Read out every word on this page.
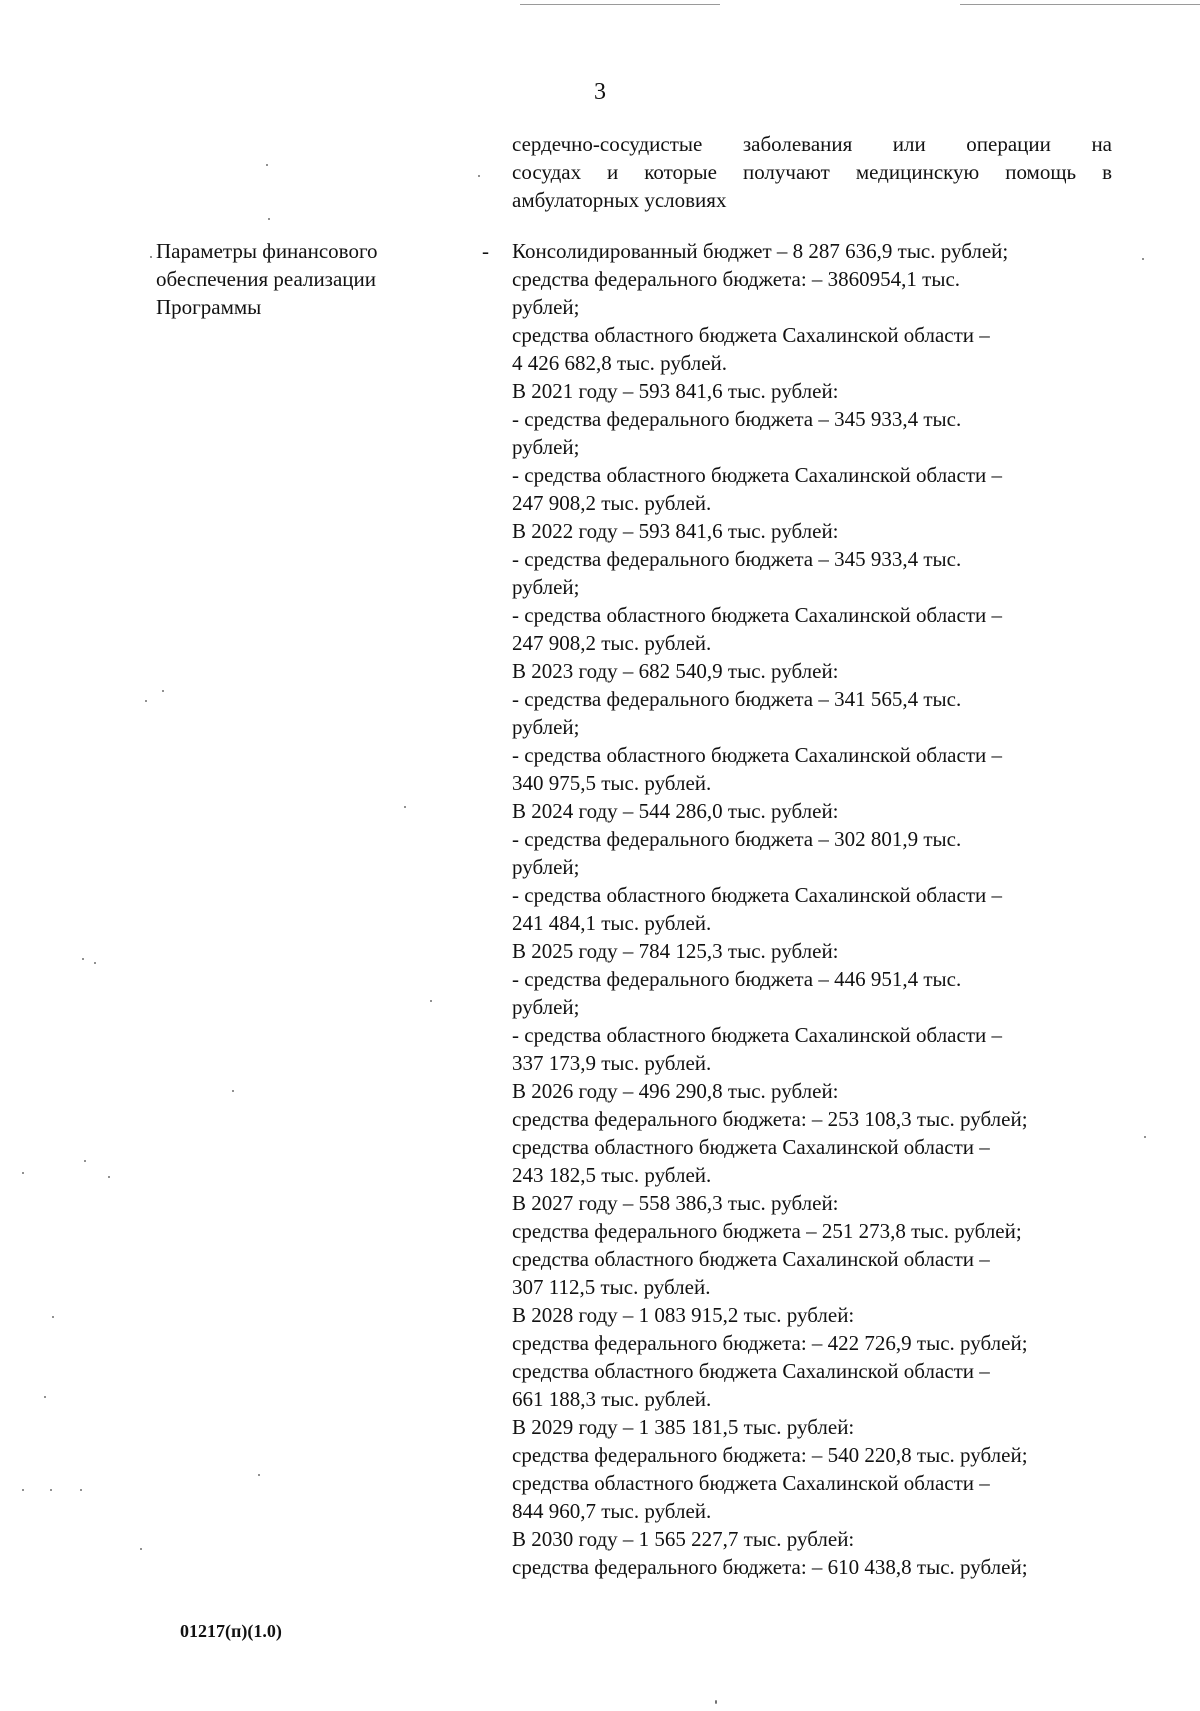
3
сердечно-сосудистые заболевания или операции на
сосудах и которые получают медицинскую помощь в
амбулаторных условиях
Параметры финансового
обеспечения реализации
Программы
- Консолидированный бюджет – 8 287 636,9 тыс. рублей;
средства федерального бюджета: – 3860954,1 тыс.
рублей;
средства областного бюджета Сахалинской области –
4 426 682,8 тыс. рублей.
В 2021 году – 593 841,6 тыс. рублей:
- средства федерального бюджета – 345 933,4 тыс.
рублей;
- средства областного бюджета Сахалинской области –
247 908,2 тыс. рублей.
В 2022 году – 593 841,6 тыс. рублей:
- средства федерального бюджета – 345 933,4 тыс.
рублей;
- средства областного бюджета Сахалинской области –
247 908,2 тыс. рублей.
В 2023 году – 682 540,9 тыс. рублей:
- средства федерального бюджета – 341 565,4 тыс.
рублей;
- средства областного бюджета Сахалинской области –
340 975,5 тыс. рублей.
В 2024 году – 544 286,0 тыс. рублей:
- средства федерального бюджета – 302 801,9 тыс.
рублей;
- средства областного бюджета Сахалинской области –
241 484,1 тыс. рублей.
В 2025 году – 784 125,3 тыс. рублей:
- средства федерального бюджета – 446 951,4 тыс.
рублей;
- средства областного бюджета Сахалинской области –
337 173,9 тыс. рублей.
В 2026 году – 496 290,8 тыс. рублей:
средства федерального бюджета: – 253 108,3 тыс. рублей;
средства областного бюджета Сахалинской области –
243 182,5 тыс. рублей.
В 2027 году – 558 386,3 тыс. рублей:
средства федерального бюджета – 251 273,8 тыс. рублей;
средства областного бюджета Сахалинской области –
307 112,5 тыс. рублей.
В 2028 году – 1 083 915,2 тыс. рублей:
средства федерального бюджета: – 422 726,9 тыс. рублей;
средства областного бюджета Сахалинской области –
661 188,3 тыс. рублей.
В 2029 году – 1 385 181,5 тыс. рублей:
средства федерального бюджета: – 540 220,8 тыс. рублей;
средства областного бюджета Сахалинской области –
844 960,7 тыс. рублей.
В 2030 году – 1 565 227,7 тыс. рублей:
средства федерального бюджета: – 610 438,8 тыс. рублей;
01217(п)(1.0)
